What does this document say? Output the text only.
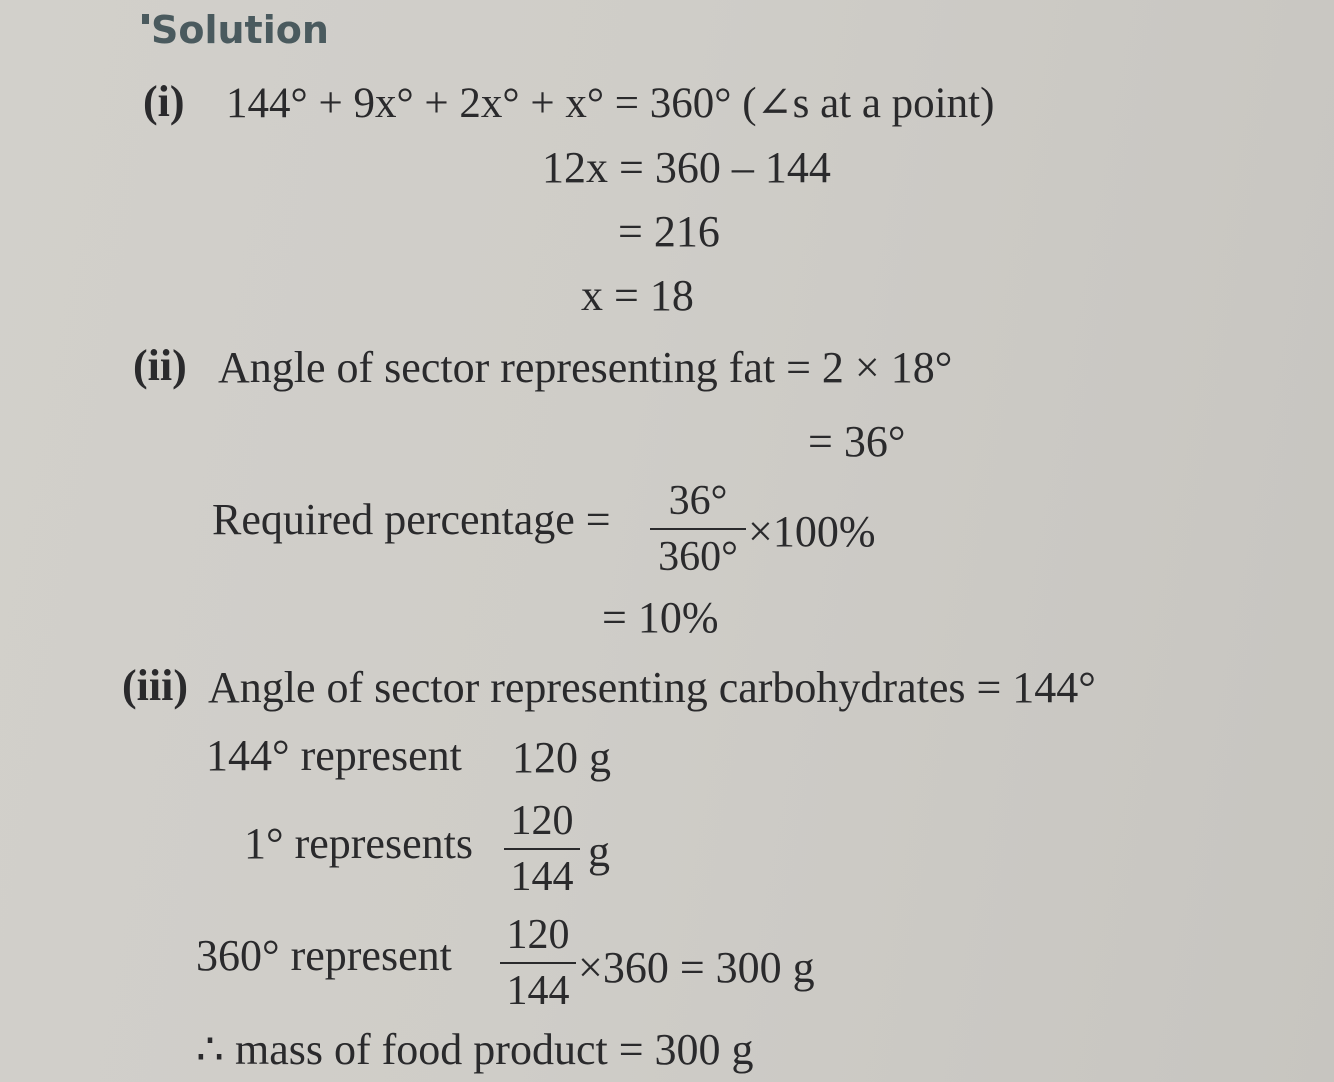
Solution
(i) 144° + 9x° + 2x° + x° = 360° (∠s at a point)
12x = 360 – 144
= 216
x = 18
(ii) Angle of sector representing fat = 2 × 18°
= 36°
Required percentage = $\frac{36^\circ}{360^\circ} \times 100\%$
= 10%
(iii) Angle of sector representing carbohydrates = 144°
144° represent 120 g
1° represents $\frac{120}{144}$ g
360° represent $\frac{120}{144} \times 360 = 300$ g
∴ mass of food product = 300 g
